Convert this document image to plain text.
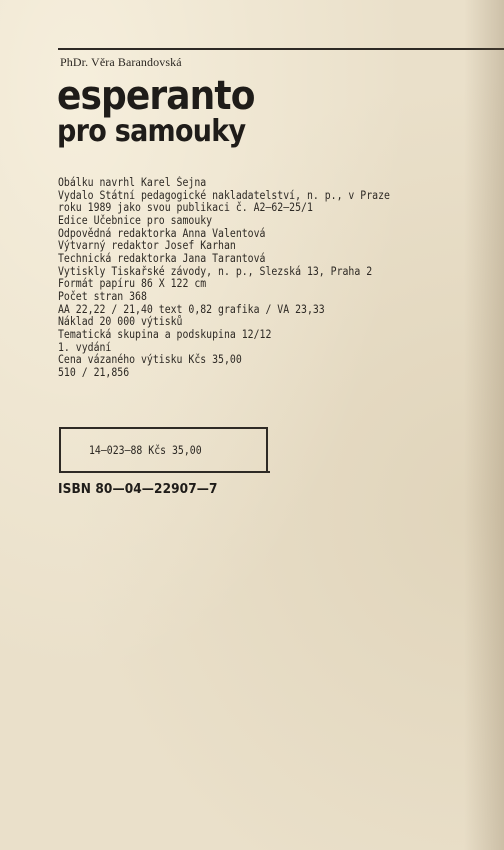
PhDr. Věra Barandovská
esperanto
pro samouky
Obálku navrhl Karel Šejna
Vydalo Státní pedagogické nakladatelství, n. p., v Praze
roku 1989 jako svou publikaci č. A2—62—25/1
Edice Učebnice pro samouky
Odpovědná redaktorka Anna Valentová
Výtvarný redaktor Josef Karhan
Technická redaktorka Jana Tarantová
Vytiskly Tiskařské závody, n. p., Slezská 13, Praha 2
Formát papíru 86 X 122 cm
Počet stran 368
AA 22,22 / 21,40 text 0,82 grafika / VA 23,33
Náklad 20 000 výtisků
Tematická skupina a podskupina 12/12
1. vydání
Cena vázaného výtisku Kčs 35,00
510 / 21,856
14—023—88 Kčs 35,00
ISBN 80—04—22907—7
